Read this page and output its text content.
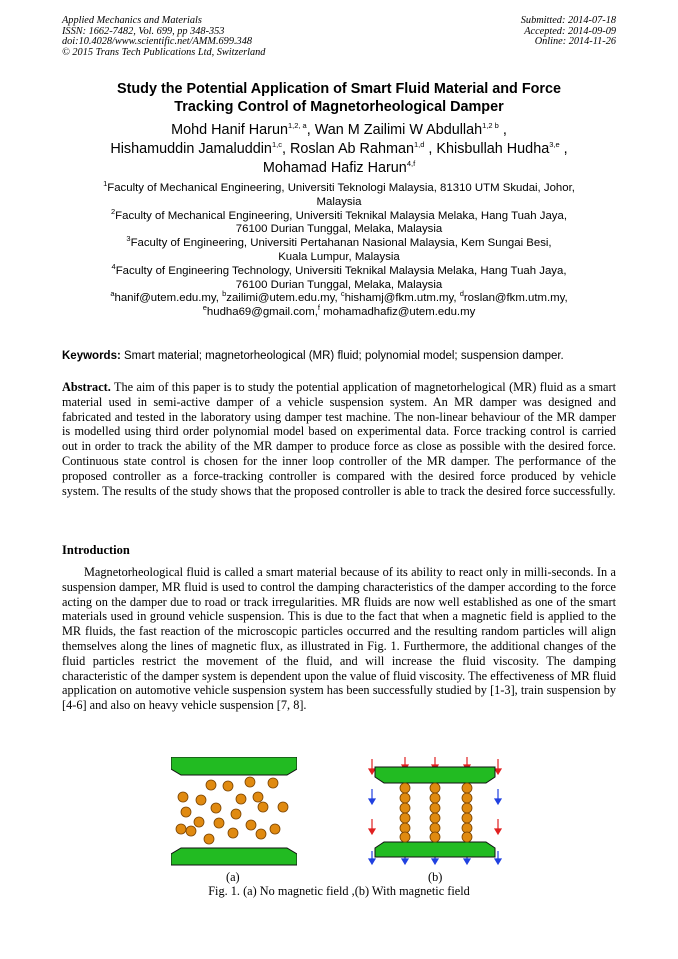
Applied Mechanics and Materials
ISSN: 1662-7482, Vol. 699, pp 348-353
doi:10.4028/www.scientific.net/AMM.699.348
© 2015 Trans Tech Publications Ltd, Switzerland
Submitted: 2014-07-18
Accepted: 2014-09-09
Online: 2014-11-26
Study the Potential Application of Smart Fluid Material and Force
Tracking Control of Magnetorheological Damper
Mohd Hanif Harun$^{1,2, a}$, Wan M Zailimi W Abdullah$^{1,2 b}$ ,
Hishamuddin Jamaluddin$^{1,c}$, Roslan Ab Rahman$^{1,d}$ , Khisbullah Hudha$^{3,e}$ ,
Mohamad Hafiz Harun$^{4,f}$
$^1$Faculty of Mechanical Engineering, Universiti Teknologi Malaysia, 81310 UTM Skudai, Johor,
Malaysia
$^2$Faculty of Mechanical Engineering, Universiti Teknikal Malaysia Melaka, Hang Tuah Jaya,
76100 Durian Tunggal, Melaka, Malaysia
$^3$Faculty of Engineering, Universiti Pertahanan Nasional Malaysia, Kem Sungai Besi,
Kuala Lumpur, Malaysia
$^4$Faculty of Engineering Technology, Universiti Teknikal Malaysia Melaka, Hang Tuah Jaya,
76100 Durian Tunggal, Melaka, Malaysia
$^a$hanif@utem.edu.my, $^b$zailimi@utem.edu.my, $^c$hishamj@fkm.utm.my, $^d$roslan@fkm.utm.my,
$^e$hudha69@gmail.com,$^f$ mohamadhafiz@utem.edu.my
Keywords: Smart material; magnetorheological (MR) fluid; polynomial model; suspension damper.
Abstract. The aim of this paper is to study the potential application of magnetorhelogical (MR) fluid as a smart material used in semi-active damper of a vehicle suspension system. An MR damper was designed and fabricated and tested in the laboratory using damper test machine. The non-linear behaviour of the MR damper is modelled using third order polynomial model based on experimental data. Force tracking control is carried out in order to track the ability of the MR damper to produce force as close as possible with the desired force. Continuous state control is chosen for the inner loop controller of the MR damper. The performance of the proposed controller as a force-tracking controller is compared with the desired force produced by vehicle system. The results of the study shows that the proposed controller is able to track the desired force successfully.
Introduction
Magnetorheological fluid is called a smart material because of its ability to react only in milli-seconds. In a suspension damper, MR fluid is used to control the damping characteristics of the damper according to the force acting on the damper due to road or track irregularities. MR fluids are now well established as one of the smart materials used in ground vehicle suspension. This is due to the fact that when a magnetic field is applied to the MR fluids, the fast reaction of the microscopic particles occurred and the resulting random particles will align themselves along the lines of magnetic flux, as illustrated in Fig. 1. Furthermore, the additional changes of the fluid particles restrict the movement of the fluid, and will increase the fluid viscosity. The damping characteristic of the damper system is dependent upon the value of fluid viscosity. The effectiveness of MR fluid application on automotive vehicle suspension system has been successfully studied by [1-3], train suspension by [4-6] and also on heavy vehicle suspension [7, 8].
(a)	(b)
Fig. 1. (a) No magnetic field ,(b) With magnetic field
